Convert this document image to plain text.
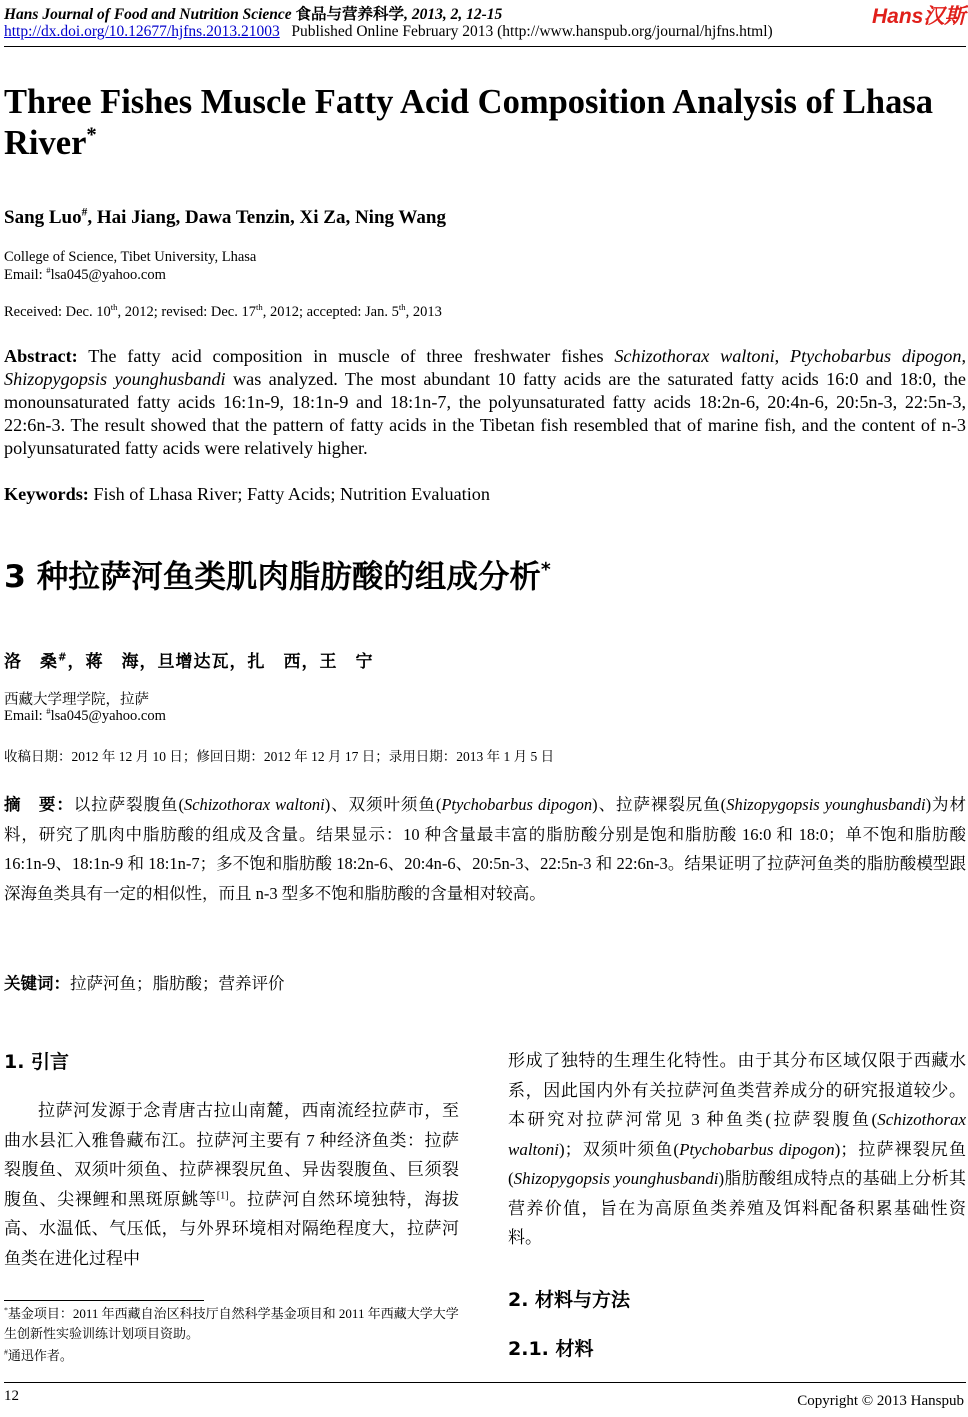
Hans Journal of Food and Nutrition Science 食品与营养科学, 2013, 2, 12-15	Hans汉斯
http://dx.doi.org/10.12677/hjfns.2013.21003 Published Online February 2013 (http://www.hanspub.org/journal/hjfns.html)
Three Fishes Muscle Fatty Acid Composition Analysis of Lhasa River*
Sang Luo#, Hai Jiang, Dawa Tenzin, Xi Za, Ning Wang
College of Science, Tibet University, Lhasa
Email: #lsa045@yahoo.com
Received: Dec. 10th, 2012; revised: Dec. 17th, 2012; accepted: Jan. 5th, 2013
Abstract: The fatty acid composition in muscle of three freshwater fishes Schizothorax waltoni, Ptychobarbus dipogon, Shizopygopsis younghusbandi was analyzed. The most abundant 10 fatty acids are the saturated fatty acids 16:0 and 18:0, the monounsaturated fatty acids 16:1n-9, 18:1n-9 and 18:1n-7, the polyunsaturated fatty acids 18:2n-6, 20:4n-6, 20:5n-3, 22:5n-3, 22:6n-3. The result showed that the pattern of fatty acids in the Tibetan fish resembled that of marine fish, and the content of n-3 polyunsaturated fatty acids were relatively higher.
Keywords: Fish of Lhasa River; Fatty Acids; Nutrition Evaluation
3 种拉萨河鱼类肌肉脂肪酸的组成分析*
洛　桑#，蒋　海，旦增达瓦，扎　西，王　宁
西藏大学理学院，拉萨
Email: #lsa045@yahoo.com
收稿日期：2012 年 12 月 10 日；修回日期：2012 年 12 月 17 日；录用日期：2013 年 1 月 5 日
摘　要：以拉萨裂腹鱼(Schizothorax waltoni)、双须叶须鱼(Ptychobarbus dipogon)、拉萨裸裂尻鱼(Shizopygopsis younghusbandi)为材料，研究了肌肉中脂肪酸的组成及含量。结果显示：10 种含量最丰富的脂肪酸分别是饱和脂肪酸 16:0 和 18:0；单不饱和脂肪酸 16:1n-9、18:1n-9 和 18:1n-7；多不饱和脂肪酸 18:2n-6、20:4n-6、20:5n-3、22:5n-3 和 22:6n-3。结果证明了拉萨河鱼类的脂肪酸模型跟深海鱼类具有一定的相似性，而且 n-3 型多不饱和脂肪酸的含量相对较高。
关键词：拉萨河鱼；脂肪酸；营养评价
1. 引言

拉萨河发源于念青唐古拉山南麓，西南流经拉萨市，至曲水县汇入雅鲁藏布江。拉萨河主要有 7 种经济鱼类：拉萨裂腹鱼、双须叶须鱼、拉萨裸裂尻鱼、异齿裂腹鱼、巨须裂腹鱼、尖裸鲤和黑斑原鮡等[1]。拉萨河自然环境独特，海拔高、水温低、气压低，与外界环境相对隔绝程度大，拉萨河鱼类在进化过程中

*基金项目：2011 年西藏自治区科技厅自然科学基金项目和 2011 年西藏大学大学生创新性实验训练计划项目资助。
#通迅作者。

形成了独特的生理生化特性。由于其分布区域仅限于西藏水系，因此国内外有关拉萨河鱼类营养成分的研究报道较少。本研究对拉萨河常见 3 种鱼类(拉萨裂腹鱼(Schizothorax waltoni)；双须叶须鱼(Ptychobarbus dipogon)；拉萨裸裂尻鱼(Shizopygopsis younghusbandi)脂肪酸组成特点的基础上分析其营养价值，旨在为高原鱼类养殖及饵料配备积累基础性资料。

2. 材料与方法
2.1. 材料
12	Copyright © 2013 Hanspub
